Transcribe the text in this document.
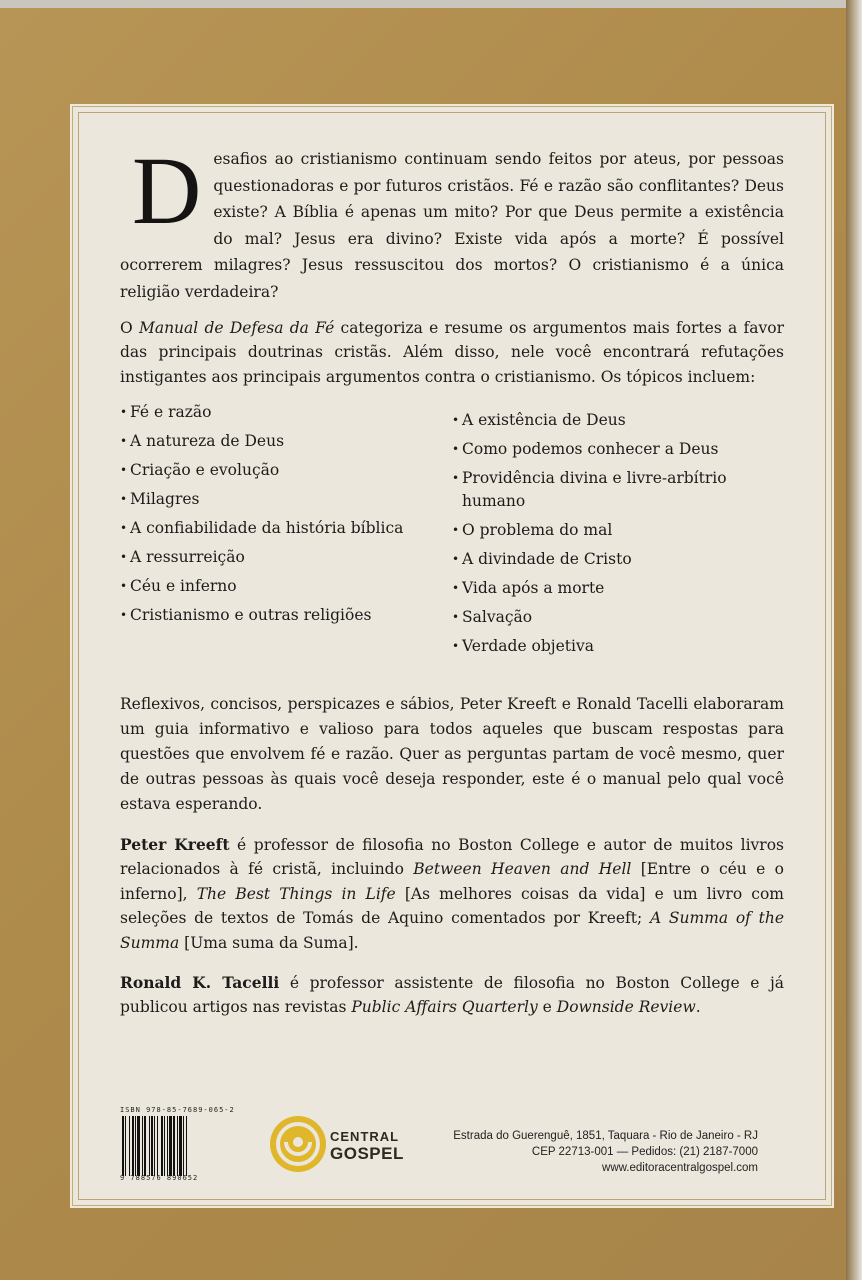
Desafios ao cristianismo continuam sendo feitos por ateus, por pessoas questionadoras e por futuros cristãos. Fé e razão são conflitantes? Deus existe? A Bíblia é apenas um mito? Por que Deus permite a existência do mal? Jesus era divino? Existe vida após a morte? É possível ocorrerem milagres? Jesus ressuscitou dos mortos? O cristianismo é a única religião verdadeira?

O Manual de Defesa da Fé categoriza e resume os argumentos mais fortes a favor das principais doutrinas cristãs. Além disso, nele você encontrará refutações instigantes aos principais argumentos contra o cristianismo. Os tópicos incluem:

• Fé e razão
• A natureza de Deus
• Criação e evolução
• Milagres
• A confiabilidade da história bíblica
• A ressurreição
• Céu e inferno
• Cristianismo e outras religiões
• A existência de Deus
• Como podemos conhecer a Deus
• Providência divina e livre-arbítrio humano
• O problema do mal
• A divindade de Cristo
• Vida após a morte
• Salvação
• Verdade objetiva

Reflexivos, concisos, perspicazes e sábios, Peter Kreeft e Ronald Tacelli elaboraram um guia informativo e valioso para todos aqueles que buscam respostas para questões que envolvem fé e razão. Quer as perguntas partam de você mesmo, quer de outras pessoas às quais você deseja responder, este é o manual pelo qual você estava esperando.

Peter Kreeft é professor de filosofia no Boston College e autor de muitos livros relacionados à fé cristã, incluindo Between Heaven and Hell [Entre o céu e o inferno], The Best Things in Life [As melhores coisas da vida] e um livro com seleções de textos de Tomás de Aquino comentados por Kreeft; A Summa of the Summa [Uma suma da Suma].

Ronald K. Tacelli é professor assistente de filosofia no Boston College e já publicou artigos nas revistas Public Affairs Quarterly e Downside Review.

ISBN 978-85-7689-065-2
9 788576 890652
CENTRAL
GOSPEL
Estrada do Guerenguê, 1851, Taquara - Rio de Janeiro - RJ
CEP 22713-001 — Pedidos: (21) 2187-7000
www.editoracentralgospel.com
